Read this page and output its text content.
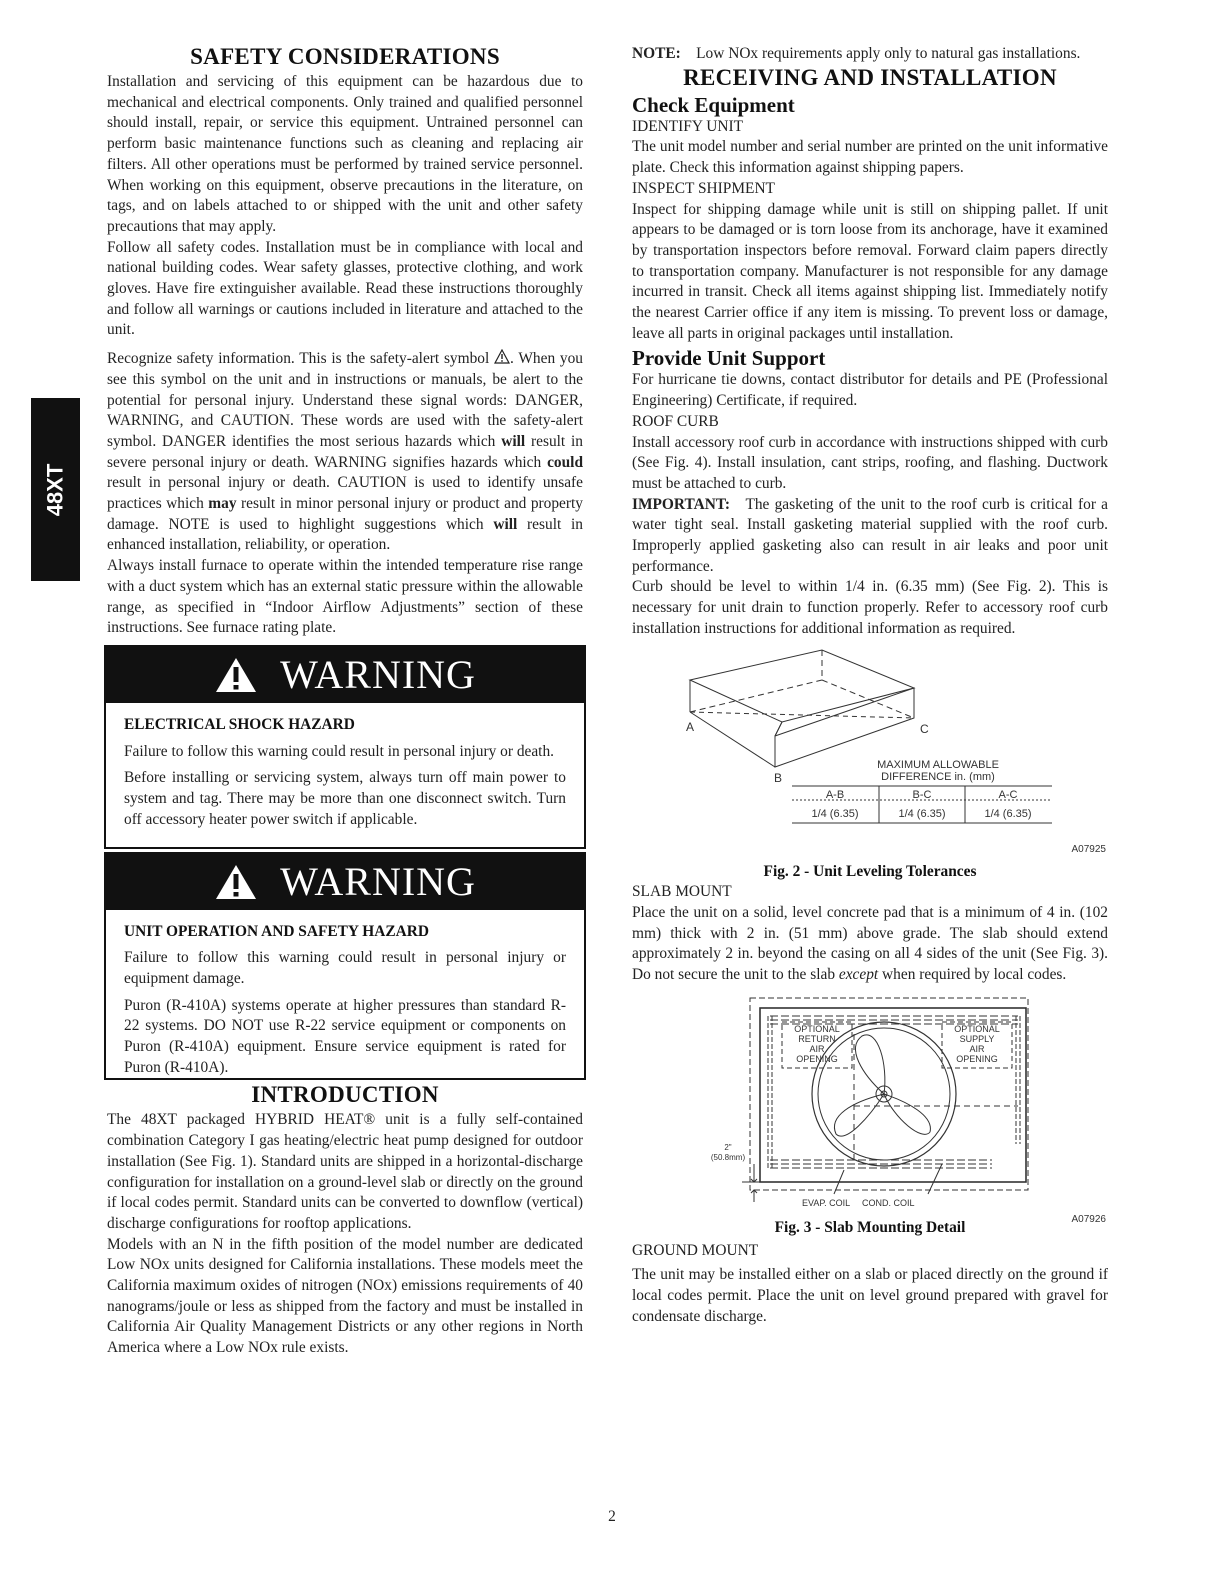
48XT
SAFETY CONSIDERATIONS

Installation and servicing of this equipment can be hazardous due to mechanical and electrical components. Only trained and qualified personnel should install, repair, or service this equipment. Untrained personnel can perform basic maintenance functions such as cleaning and replacing air filters. All other operations must be performed by trained service personnel. When working on this equipment, observe precautions in the literature, on tags, and on labels attached to or shipped with the unit and other safety precautions that may apply.

Follow all safety codes. Installation must be in compliance with local and national building codes. Wear safety glasses, protective clothing, and work gloves. Have fire extinguisher available. Read these instructions thoroughly and follow all warnings or cautions included in literature and attached to the unit.

Recognize safety information. This is the safety-alert symbol . When you see this symbol on the unit and in instructions or manuals, be alert to the potential for personal injury. Understand these signal words: DANGER, WARNING, and CAUTION. These words are used with the safety-alert symbol. DANGER identifies the most serious hazards which will result in severe personal injury or death. WARNING signifies hazards which could result in personal injury or death. CAUTION is used to identify unsafe practices which may result in minor personal injury or product and property damage. NOTE is used to highlight suggestions which will result in enhanced installation, reliability, or operation.

Always install furnace to operate within the intended temperature rise range with a duct system which has an external static pressure within the allowable range, as specified in “Indoor Airflow Adjustments” section of these instructions. See furnace rating plate.

WARNING

ELECTRICAL SHOCK HAZARD

Failure to follow this warning could result in personal injury or death.

Before installing or servicing system, always turn off main power to system and tag. There may be more than one disconnect switch. Turn off accessory heater power switch if applicable.

WARNING

UNIT OPERATION AND SAFETY HAZARD

Failure to follow this warning could result in personal injury or equipment damage.

Puron (R-410A) systems operate at higher pressures than standard R-22 systems. DO NOT use R-22 service equipment or components on Puron (R-410A) equipment. Ensure service equipment is rated for Puron (R-410A).

INTRODUCTION

The 48XT packaged HYBRID HEAT® unit is a fully self-contained combination Category I gas heating/electric heat pump designed for outdoor installation (See Fig. 1). Standard units are shipped in a horizontal-discharge configuration for installation on a ground-level slab or directly on the ground if local codes permit. Standard units can be converted to downflow (vertical) discharge configurations for rooftop applications.

Models with an N in the fifth position of the model number are dedicated Low NOx units designed for California installations. These models meet the California maximum oxides of nitrogen (NOx) emissions requirements of 40 nanograms/joule or less as shipped from the factory and must be installed in California Air Quality Management Districts or any other regions in North America where a Low NOx rule exists.

NOTE: Low NOx requirements apply only to natural gas installations.

RECEIVING AND INSTALLATION
Check Equipment

IDENTIFY UNIT

The unit model number and serial number are printed on the unit informative plate. Check this information against shipping papers.

INSPECT SHIPMENT

Inspect for shipping damage while unit is still on shipping pallet. If unit appears to be damaged or is torn loose from its anchorage, have it examined by transportation inspectors before removal. Forward claim papers directly to transportation company. Manufacturer is not responsible for any damage incurred in transit. Check all items against shipping list. Immediately notify the nearest Carrier office if any item is missing. To prevent loss or damage, leave all parts in original packages until installation.

Provide Unit Support

For hurricane tie downs, contact distributor for details and PE (Professional Engineering) Certificate, if required.

ROOF CURB

Install accessory roof curb in accordance with instructions shipped with curb (See Fig. 4). Install insulation, cant strips, roofing, and flashing. Ductwork must be attached to curb.

IMPORTANT: The gasketing of the unit to the roof curb is critical for a water tight seal. Install gasketing material supplied with the roof curb. Improperly applied gasketing also can result in air leaks and poor unit performance.

Curb should be level to within 1/4 in. (6.35 mm) (See Fig. 2). This is necessary for unit drain to function properly. Refer to accessory roof curb installation instructions for additional information as required.

A	C
B
MAXIMUM ALLOWABLE
DIFFERENCE in. (mm)
A-B	B-C	A-C
1/4 (6.35)	1/4 (6.35)	1/4 (6.35)
A07925

Fig. 2 - Unit Leveling Tolerances

SLAB MOUNT

Place the unit on a solid, level concrete pad that is a minimum of 4 in. (102 mm) thick with 2 in. (51 mm) above grade. The slab should extend approximately 2 in. beyond the casing on all 4 sides of the unit (See Fig. 3). Do not secure the unit to the slab except when required by local codes.

OPTIONAL
RETURN
AIR
OPENING
OPTIONAL
SUPPLY
AIR
OPENING
2"
(50.8mm)
EVAP. COIL COND. COIL
A07926

Fig. 3 - Slab Mounting Detail

GROUND MOUNT

The unit may be installed either on a slab or placed directly on the ground if local codes permit. Place the unit on level ground prepared with gravel for condensate discharge.

2
